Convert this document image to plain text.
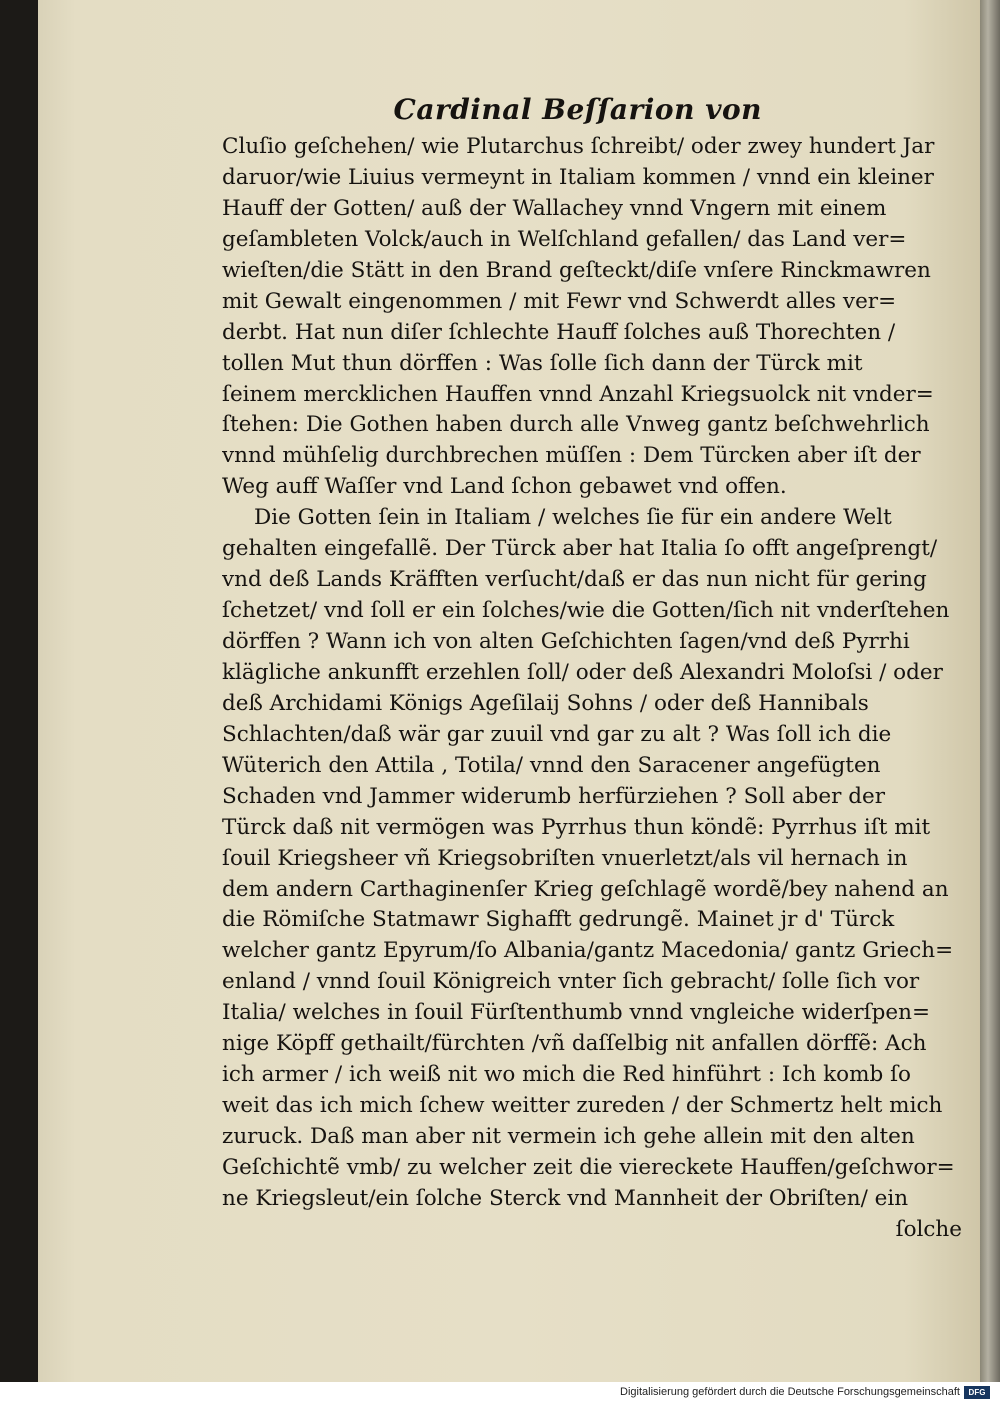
Cardinal Beſſarion von
Cluſio geſchehen/ wie Plutarchus ſchreibt/ oder zwey hundert Jar
daruor/wie Liuius vermeynt in Italiam kommen / vnnd ein kleiner
Hauff der Gotten/ auß der Wallachey vnnd Vngern mit einem
geſambleten Volck/auch in Welſchland gefallen/ das Land ver=
wieſten/die Stätt in den Brand geſteckt/diſe vnſere Rinckmawren
mit Gewalt eingenommen / mit Fewr vnd Schwerdt alles ver=
derbt. Hat nun diſer ſchlechte Hauff ſolches auß Thorechten /
tollen Mut thun dörffen : Was ſolle ſich dann der Türck mit
ſeinem mercklichen Hauffen vnnd Anzahl Kriegsuolck nit vnder=
ſtehen: Die Gothen haben durch alle Vnweg gantz beſchwehrlich
vnnd mühſelig durchbrechen müſſen : Dem Türcken aber iſt der
Weg auff Waſſer vnd Land ſchon gebawet vnd offen.
Die Gotten ſein in Italiam / welches ſie für ein andere Welt
gehalten eingefallẽ. Der Türck aber hat Italia ſo offt angeſprengt/
vnd deß Lands Kräfften verſucht/daß er das nun nicht für gering
ſchetzet/ vnd ſoll er ein ſolches/wie die Gotten/ſich nit vnderſtehen
dörffen ? Wann ich von alten Geſchichten ſagen/vnd deß Pyrrhi
klägliche ankunfft erzehlen ſoll/ oder deß Alexandri Moloſsi / oder
deß Archidami Königs Ageſilaij Sohns / oder deß Hannibals
Schlachten/daß wär gar zuuil vnd gar zu alt ? Was ſoll ich die
Wüterich den Attila , Totila/ vnnd den Saracener angefügten
Schaden vnd Jammer widerumb herfürziehen ? Soll aber der
Türck daß nit vermögen was Pyrrhus thun köndẽ: Pyrrhus iſt mit
ſouil Kriegsheer vñ Kriegsobriſten vnuerletzt/als vil hernach in
dem andern Carthaginenſer Krieg geſchlagẽ wordẽ/bey nahend an
die Römiſche Statmawr Sighafft gedrungẽ. Mainet jr d' Türck
welcher gantz Epyrum/ſo Albania/gantz Macedonia/ gantz Griech=
enland / vnnd ſouil Königreich vnter ſich gebracht/ ſolle ſich vor
Italia/ welches in ſouil Fürſtenthumb vnnd vngleiche widerſpen=
nige Köpff gethailt/fürchten /vñ daſſelbig nit anfallen dörffẽ: Ach
ich armer / ich weiß nit wo mich die Red hinführt : Ich komb ſo
weit das ich mich ſchew weitter zureden / der Schmertz helt mich
zuruck. Daß man aber nit vermein ich gehe allein mit den alten
Geſchichtẽ vmb/ zu welcher zeit die viereckete Hauffen/geſchwor=
ne Kriegsleut/ein ſolche Sterck vnd Mannheit der Obriſten/ ein
ſolche
Digitalisierung gefördert durch die Deutsche Forschungsgemeinschaft	DFG
